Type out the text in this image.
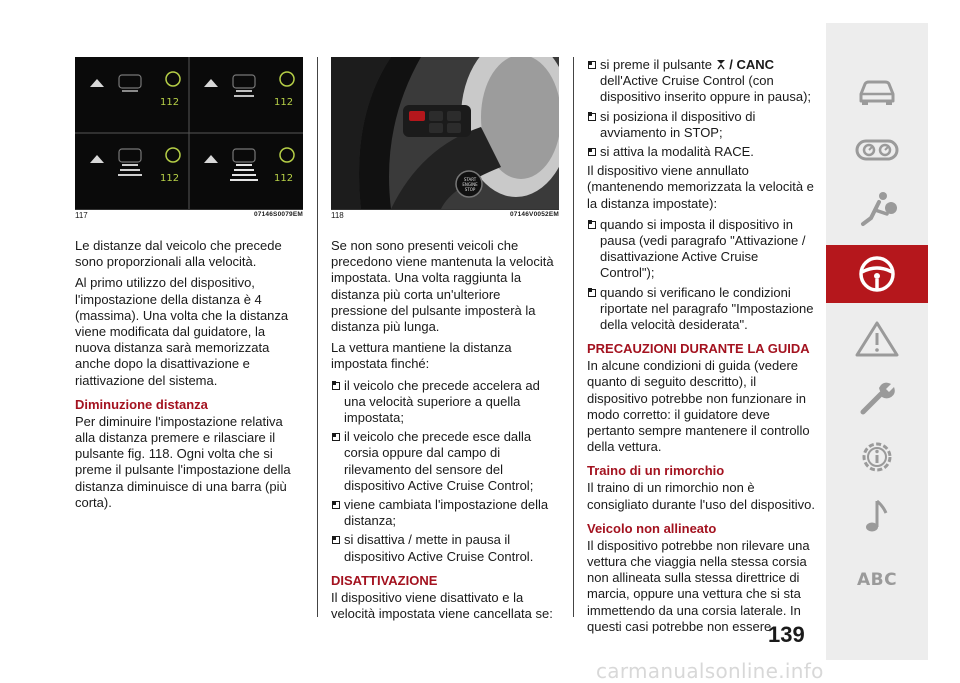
112	112
112	112
117	07146S0079EM
START ENGINE STOP
118	07146V0052EM

Le distanze dal veicolo che precede sono proporzionali alla velocità.

Al primo utilizzo del dispositivo, l'impostazione della distanza è 4 (massima). Una volta che la distanza viene modificata dal guidatore, la nuova distanza sarà memorizzata anche dopo la disattivazione e riattivazione del sistema.

Diminuzione distanza

Per diminuire l'impostazione relativa alla distanza premere e rilasciare il pulsante fig. 118. Ogni volta che si preme il pulsante l'impostazione della distanza diminuisce di una barra (più corta).

Se non sono presenti veicoli che precedono viene mantenuta la velocità impostata. Una volta raggiunta la distanza più corta un'ulteriore pressione del pulsante imposterà la distanza più lunga.

La vettura mantiene la distanza impostata finché:

il veicolo che precede accelera ad una velocità superiore a quella impostata;
il veicolo che precede esce dalla corsia oppure dal campo di rilevamento del sensore del dispositivo Active Cruise Control;
viene cambiata l'impostazione della distanza;
si disattiva / mette in pausa il dispositivo Active Cruise Control.
DISATTIVAZIONE

Il dispositivo viene disattivato e la velocità impostata viene cancellata se:

si preme il pulsante / CANC dell'Active Cruise Control (con dispositivo inserito oppure in pausa);
si posiziona il dispositivo di avviamento in STOP;
si attiva la modalità RACE.

Il dispositivo viene annullato (mantenendo memorizzata la velocità e la distanza impostate):

quando si imposta il dispositivo in pausa (vedi paragrafo "Attivazione / disattivazione Active Cruise Control");
quando si verificano le condizioni riportate nel paragrafo "Impostazione della velocità desiderata".
PRECAUZIONI DURANTE LA GUIDA

In alcune condizioni di guida (vedere quanto di seguito descritto), il dispositivo potrebbe non funzionare in modo corretto: il guidatore deve pertanto sempre mantenere il controllo della vettura.

Traino di un rimorchio

Il traino di un rimorchio non è consigliato durante l'uso del dispositivo.

Veicolo non allineato

Il dispositivo potrebbe non rilevare una vettura che viaggia nella stessa corsia non allineata sulla stessa direttrice di marcia, oppure una vettura che si sta immettendo da una corsia laterale. In questi casi potrebbe non essere

139
ABC
carmanualsonline.info
